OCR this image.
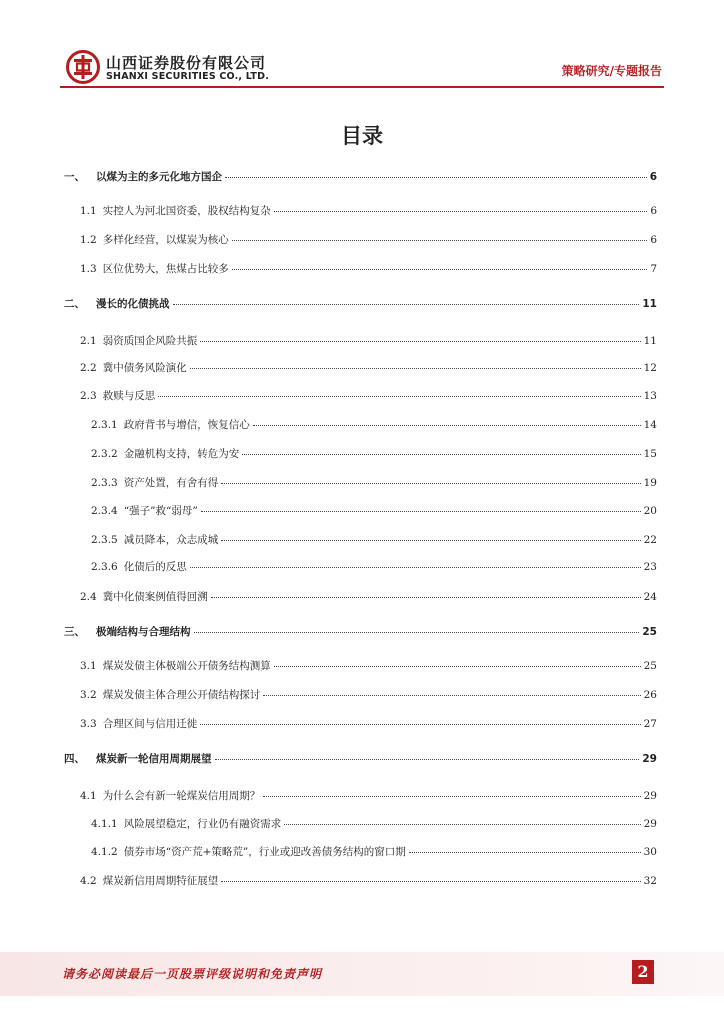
山西证券股份有限公司
SHANXI SECURITIES CO., LTD.	策略研究/专题报告
目录
一、	以煤为主的多元化地方国企	6
1.1 实控人为河北国资委，股权结构复杂	6
1.2 多样化经营，以煤炭为核心	6
1.3 区位优势大，焦煤占比较多	7
二、	漫长的化债挑战	11
2.1 弱资质国企风险共振	11
2.2 冀中债务风险演化	12
2.3 救赎与反思	13
2.3.1 政府背书与增信，恢复信心	14
2.3.2 金融机构支持，转危为安	15
2.3.3 资产处置，有舍有得	19
2.3.4 “强子”救“弱母”	20
2.3.5 减员降本，众志成城	22
2.3.6 化债后的反思	23
2.4 冀中化债案例值得回溯	24
三、	极端结构与合理结构	25
3.1 煤炭发债主体极端公开债务结构测算	25
3.2 煤炭发债主体合理公开债结构探讨	26
3.3 合理区间与信用迁徙	27
四、	煤炭新一轮信用周期展望	29
4.1 为什么会有新一轮煤炭信用周期？	29
4.1.1 风险展望稳定，行业仍有融资需求	29
4.1.2 债券市场“资产荒+策略荒”，行业或迎改善债务结构的窗口期	30
4.2 煤炭新信用周期特征展望	32
请务必阅读最后一页股票评级说明和免责声明	2
